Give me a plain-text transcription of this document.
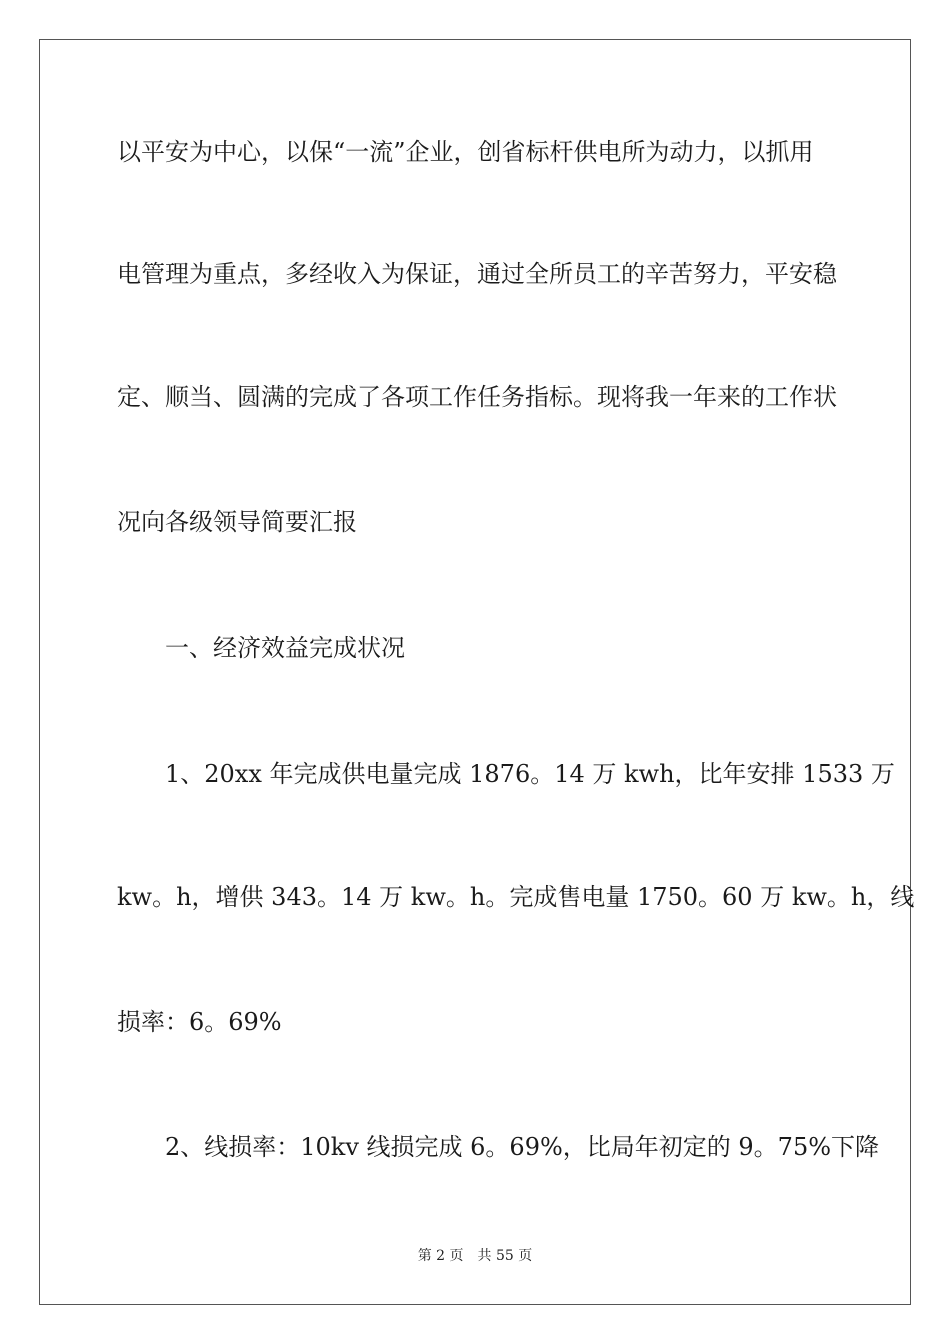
以平安为中心，以保“一流”企业，创省标杆供电所为动力，以抓用
电管理为重点，多经收入为保证，通过全所员工的辛苦努力，平安稳
定、顺当、圆满的完成了各项工作任务指标。现将我一年来的工作状
况向各级领导简要汇报
一、经济效益完成状况
1、20xx 年完成供电量完成 1876。14 万 kwh，比年安排 1533 万
kw。h，增供 343。14 万 kw。h。完成售电量 1750。60 万 kw。h，线
损率：6。69%
2、线损率：10kv 线损完成 6。69%，比局年初定的 9。75%下降
第 2 页 共 55 页
